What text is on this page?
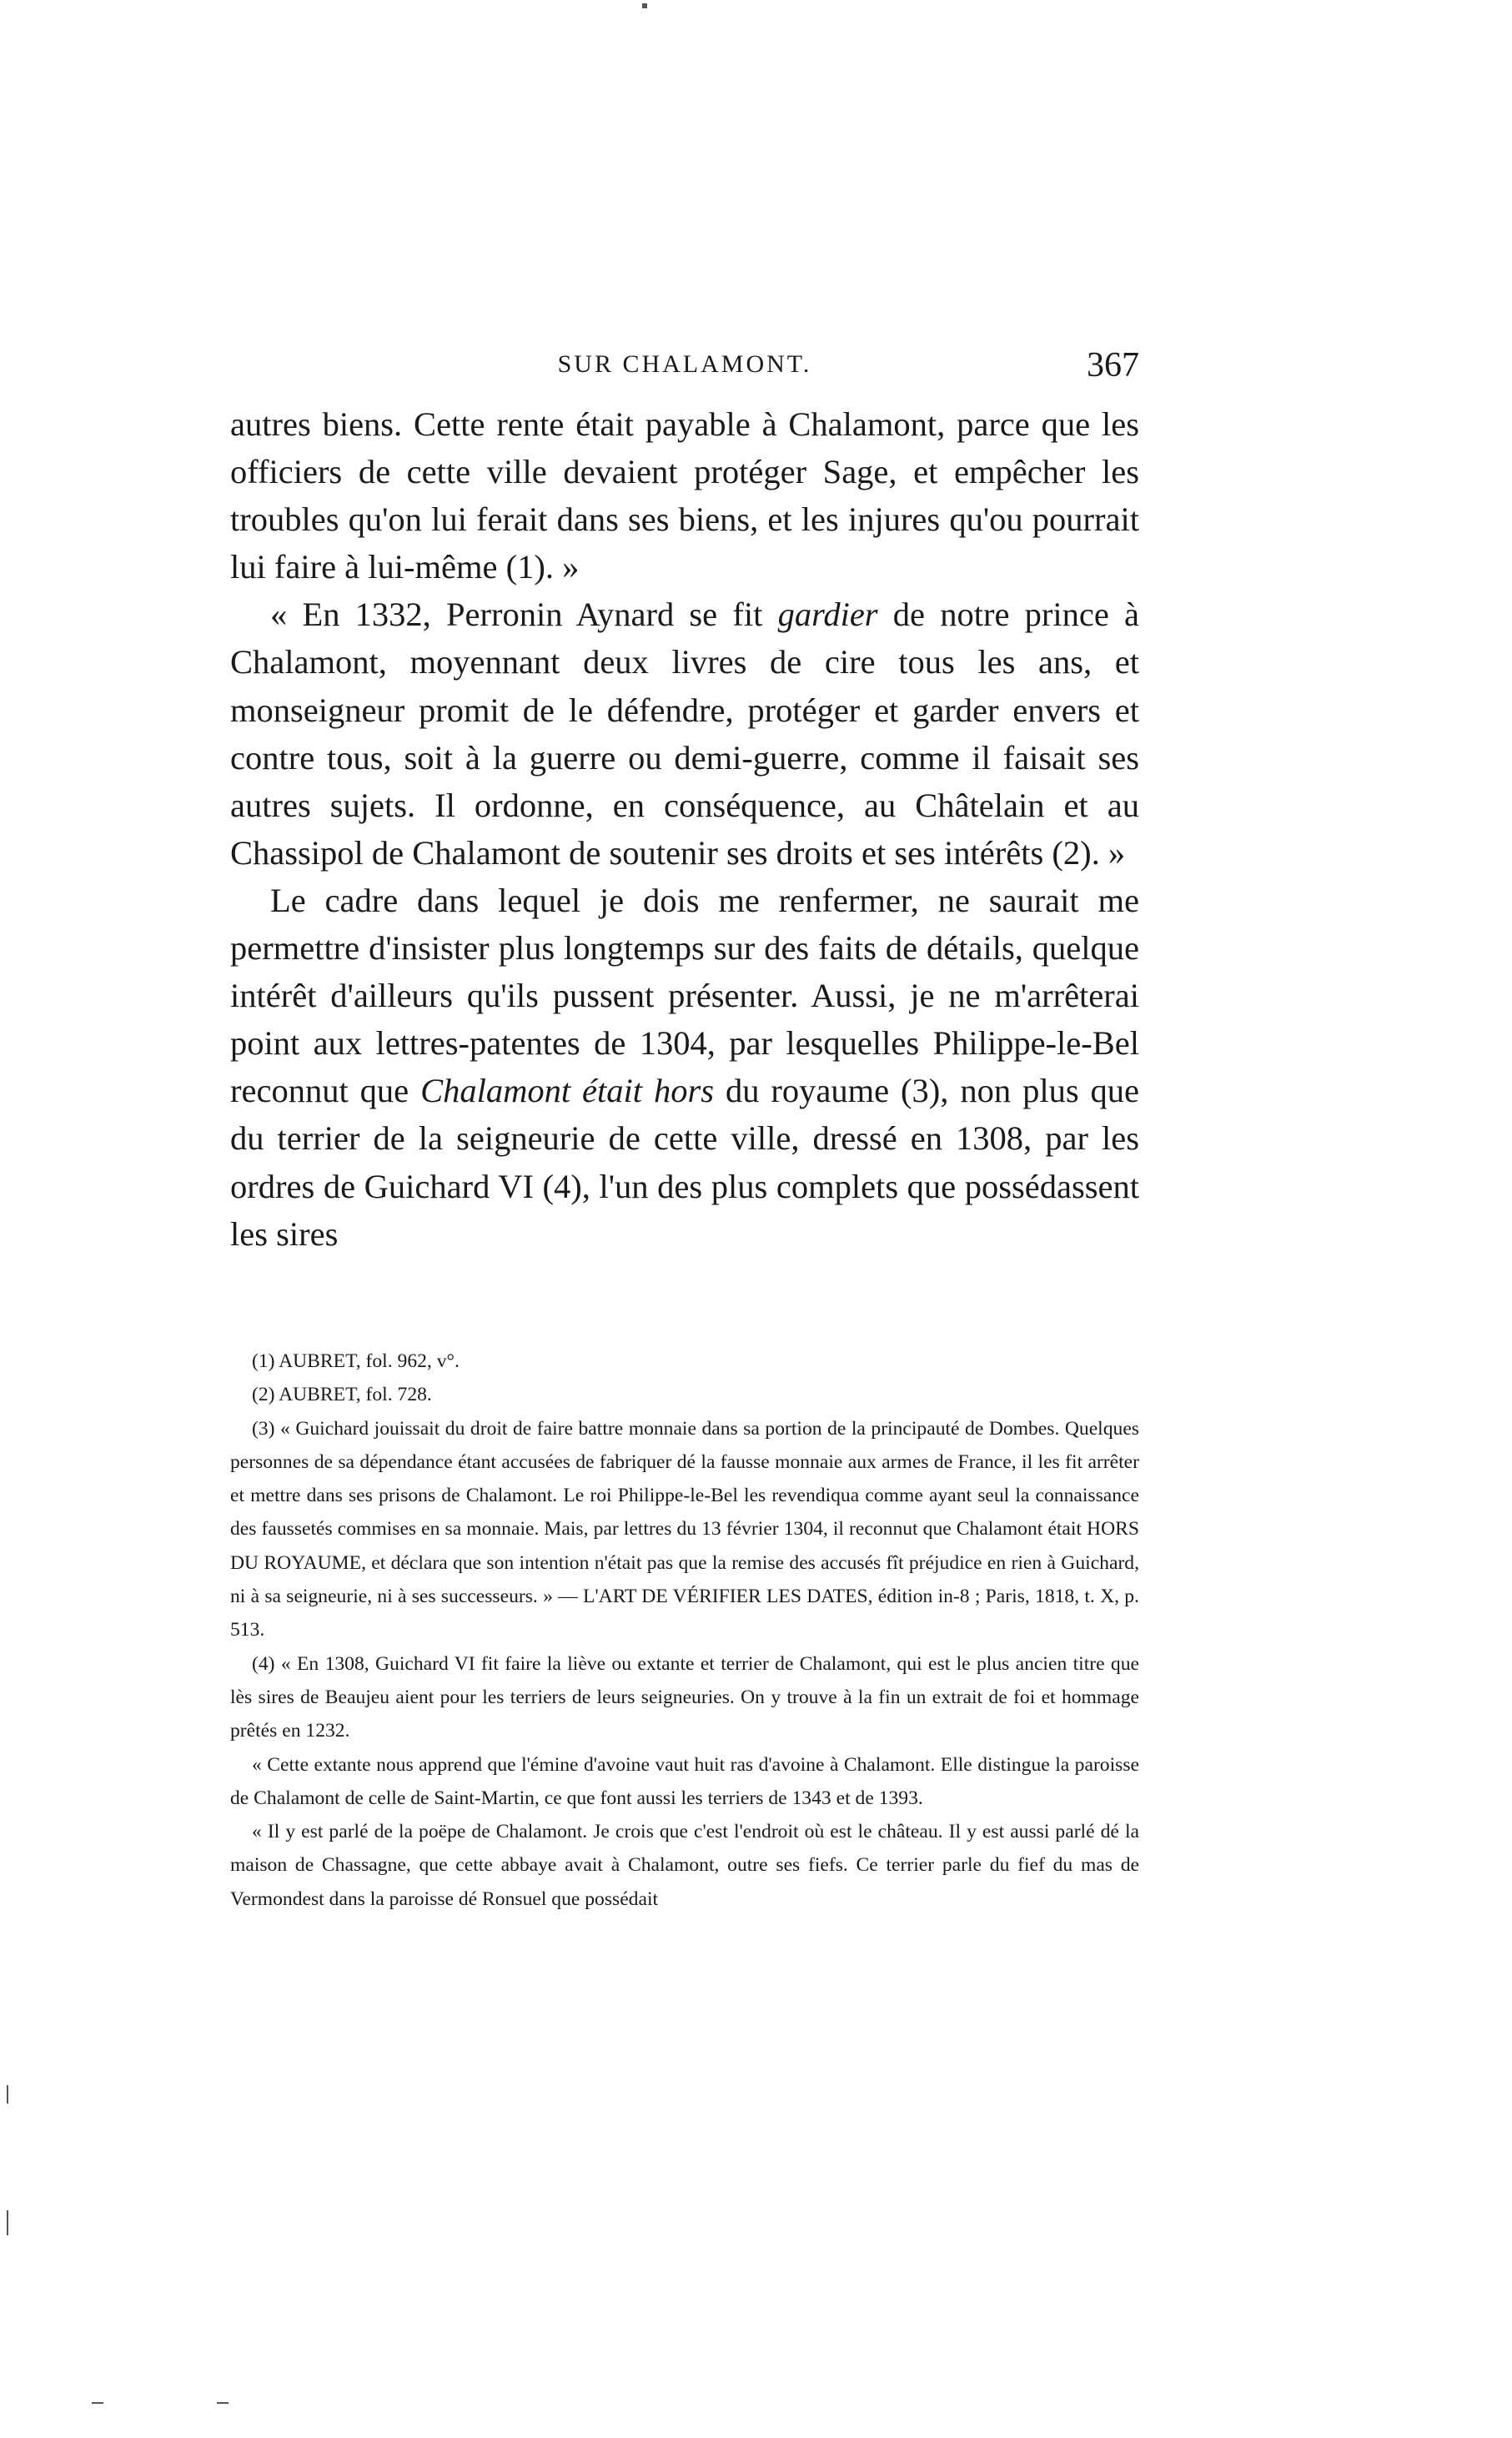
SUR CHALAMONT.	367

autres biens. Cette rente était payable à Chalamont, parce que les officiers de cette ville devaient protéger Sage, et empêcher les troubles qu'on lui ferait dans ses biens, et les injures qu'ou pourrait lui faire à lui-même (1). »

« En 1332, Perronin Aynard se fit gardier de notre prince à Chalamont, moyennant deux livres de cire tous les ans, et monseigneur promit de le défendre, protéger et garder envers et contre tous, soit à la guerre ou demi-guerre, comme il faisait ses autres sujets. Il ordonne, en conséquence, au Châtelain et au Chassipol de Chalamont de soutenir ses droits et ses intérêts (2). »

Le cadre dans lequel je dois me renfermer, ne saurait me permettre d'insister plus longtemps sur des faits de détails, quelque intérêt d'ailleurs qu'ils pussent présenter. Aussi, je ne m'arrêterai point aux lettres-patentes de 1304, par lesquelles Philippe-le-Bel reconnut que Chalamont était hors du royaume (3), non plus que du terrier de la seigneurie de cette ville, dressé en 1308, par les ordres de Guichard VI (4), l'un des plus complets que possédassent les sires

(1) AUBRET, fol. 962, v°.

(2) AUBRET, fol. 728.

(3) « Guichard jouissait du droit de faire battre monnaie dans sa portion de la principauté de Dombes. Quelques personnes de sa dépendance étant accusées de fabriquer dé la fausse monnaie aux armes de France, il les fit arrêter et mettre dans ses prisons de Chalamont. Le roi Philippe-le-Bel les revendiqua comme ayant seul la connaissance des faussetés commises en sa monnaie. Mais, par lettres du 13 février 1304, il reconnut que Chalamont était HORS DU ROYAUME, et déclara que son intention n'était pas que la remise des accusés fît préjudice en rien à Guichard, ni à sa seigneurie, ni à ses successeurs. » — L'ART DE VÉRIFIER LES DATES, édition in-8 ; Paris, 1818, t. X, p. 513.

(4) « En 1308, Guichard VI fit faire la liève ou extante et terrier de Chalamont, qui est le plus ancien titre que lès sires de Beaujeu aient pour les terriers de leurs seigneuries. On y trouve à la fin un extrait de foi et hommage prêtés en 1232.

« Cette extante nous apprend que l'émine d'avoine vaut huit ras d'avoine à Chalamont. Elle distingue la paroisse de Chalamont de celle de Saint-Martin, ce que font aussi les terriers de 1343 et de 1393.

« Il y est parlé de la poëpe de Chalamont. Je crois que c'est l'endroit où est le château. Il y est aussi parlé dé la maison de Chassagne, que cette abbaye avait à Chalamont, outre ses fiefs. Ce terrier parle du fief du mas de Vermondest dans la paroisse dé Ronsuel que possédait
